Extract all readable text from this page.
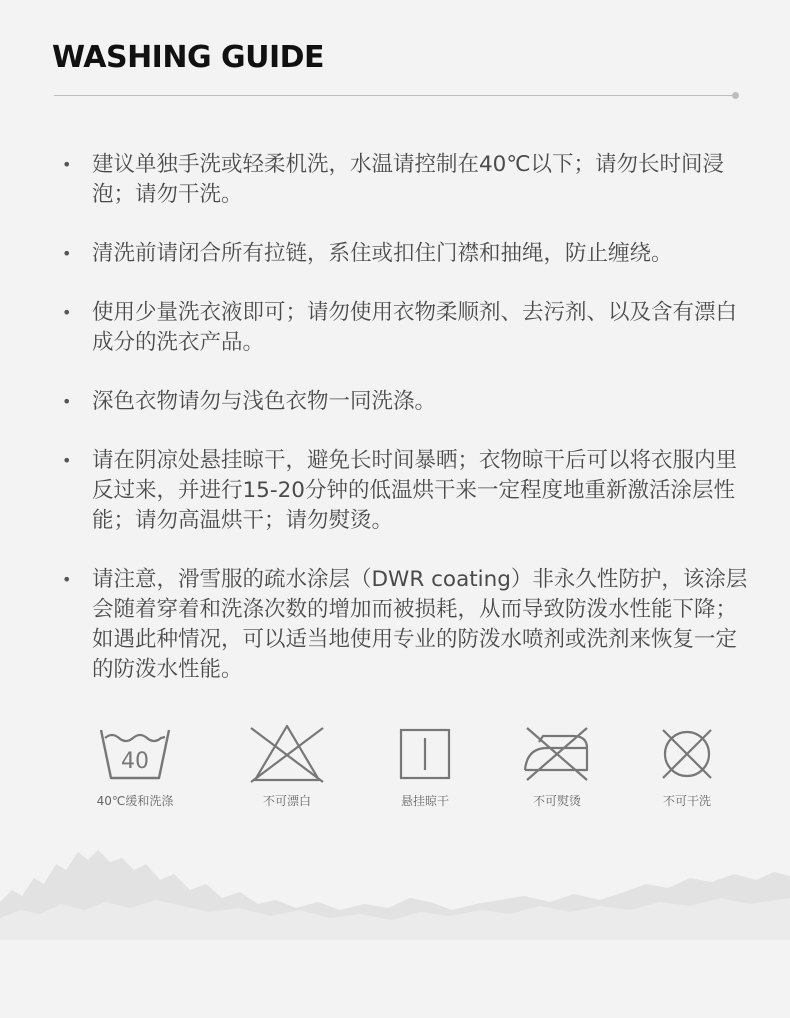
WASHING GUIDE
• 建议单独手洗或轻柔机洗，水温请控制在40℃以下；请勿长时间浸泡；请勿干洗。
• 清洗前请闭合所有拉链，系住或扣住门襟和抽绳，防止缠绕。
• 使用少量洗衣液即可；请勿使用衣物柔顺剂、去污剂、以及含有漂白成分的洗衣产品。
• 深色衣物请勿与浅色衣物一同洗涤。
• 请在阴凉处悬挂晾干，避免长时间暴晒；衣物晾干后可以将衣服内里反过来，并进行15-20分钟的低温烘干来一定程度地重新激活涂层性能；请勿高温烘干；请勿熨烫。
• 请注意，滑雪服的疏水涂层（DWR coating）非永久性防护，该涂层会随着穿着和洗涤次数的增加而被损耗，从而导致防泼水性能下降；如遇此种情况，可以适当地使用专业的防泼水喷剂或洗剂来恢复一定的防泼水性能。
40
40℃缓和洗涤	不可漂白	悬挂晾干	不可熨烫	不可干洗
